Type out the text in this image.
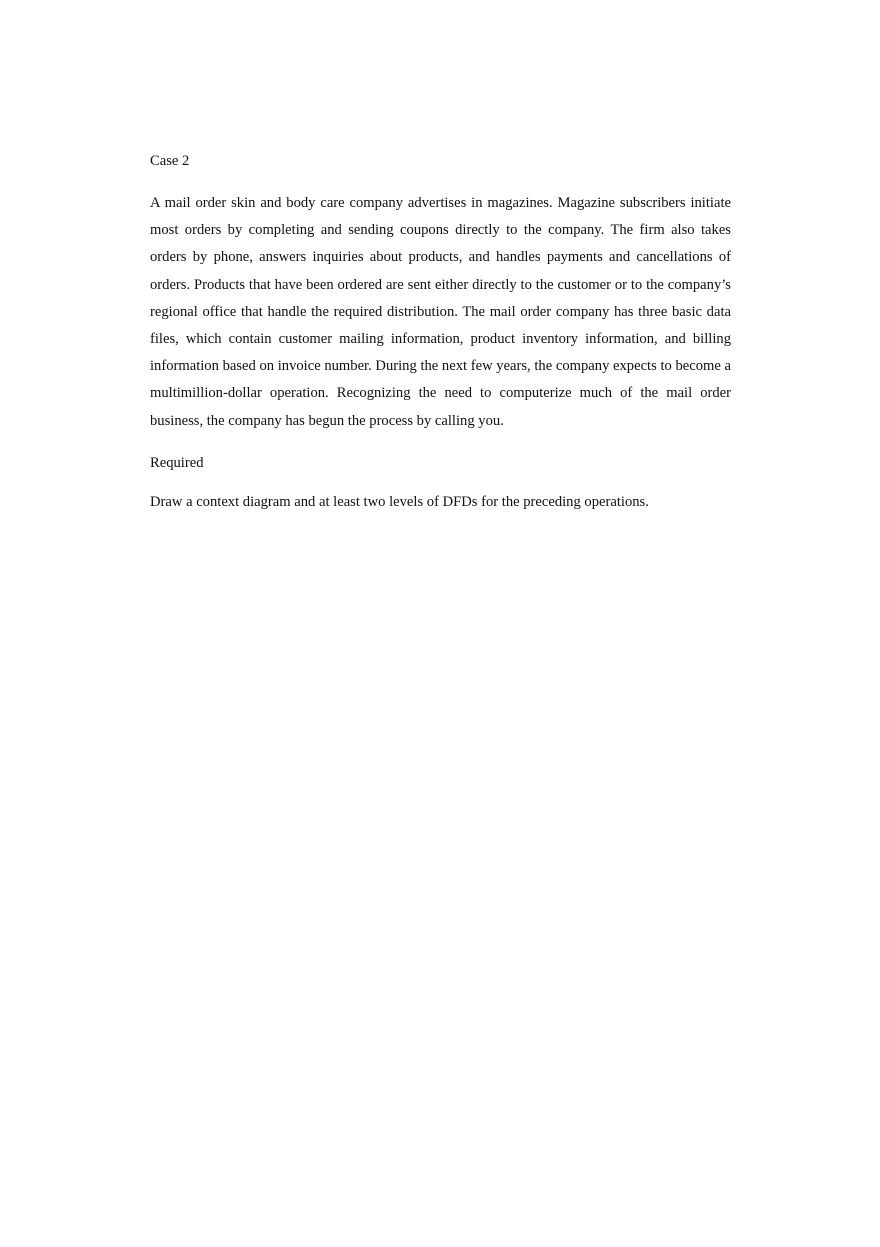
Case 2

A mail order skin and body care company advertises in magazines. Magazine subscribers initiate most orders by completing and sending coupons directly to the company. The firm also takes orders by phone, answers inquiries about products, and handles payments and cancellations of orders. Products that have been ordered are sent either directly to the customer or to the company’s regional office that handle the required distribution. The mail order company has three basic data files, which contain customer mailing information, product inventory information, and billing information based on invoice number. During the next few years, the company expects to become a multimillion-dollar operation. Recognizing the need to computerize much of the mail order business, the company has begun the process by calling you.

Required

Draw a context diagram and at least two levels of DFDs for the preceding operations.
